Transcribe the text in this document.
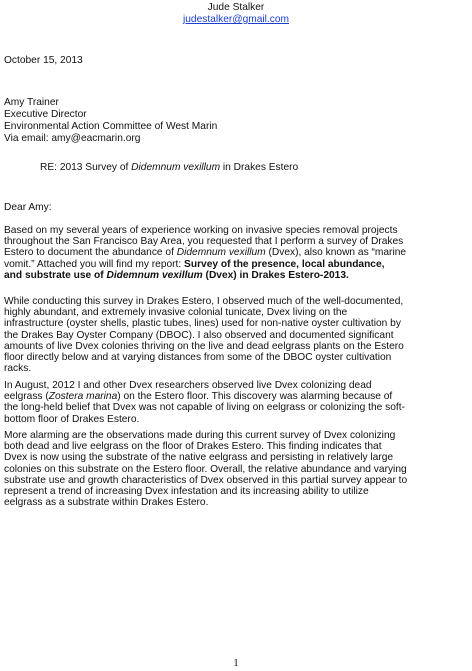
Jude Stalker
judestalker@gmail.com
October 15, 2013
Amy Trainer
Executive Director
Environmental Action Committee of West Marin
Via email: amy@eacmarin.org
RE: 2013 Survey of Didemnum vexillum in Drakes Estero
Dear Amy:
Based on my several years of experience working on invasive species removal projects
throughout the San Francisco Bay Area, you requested that I perform a survey of Drakes
Estero to document the abundance of Didemnum vexillum (Dvex), also known as “marine
vomit.” Attached you will find my report: Survey of the presence, local abundance,
and substrate use of Didemnum vexillum (Dvex) in Drakes Estero-2013.
While conducting this survey in Drakes Estero, I observed much of the well-documented,
highly abundant, and extremely invasive colonial tunicate, Dvex living on the
infrastructure (oyster shells, plastic tubes, lines) used for non-native oyster cultivation by
the Drakes Bay Oyster Company (DBOC). I also observed and documented significant
amounts of live Dvex colonies thriving on the live and dead eelgrass plants on the Estero
floor directly below and at varying distances from some of the DBOC oyster cultivation
racks.
In August, 2012 I and other Dvex researchers observed live Dvex colonizing dead
eelgrass (Zostera marina) on the Estero floor. This discovery was alarming because of
the long-held belief that Dvex was not capable of living on eelgrass or colonizing the soft-
bottom floor of Drakes Estero.
More alarming are the observations made during this current survey of Dvex colonizing
both dead and live eelgrass on the floor of Drakes Estero. This finding indicates that
Dvex is now using the substrate of the native eelgrass and persisting in relatively large
colonies on this substrate on the Estero floor. Overall, the relative abundance and varying
substrate use and growth characteristics of Dvex observed in this partial survey appear to
represent a trend of increasing Dvex infestation and its increasing ability to utilize
eelgrass as a substrate within Drakes Estero.
1
